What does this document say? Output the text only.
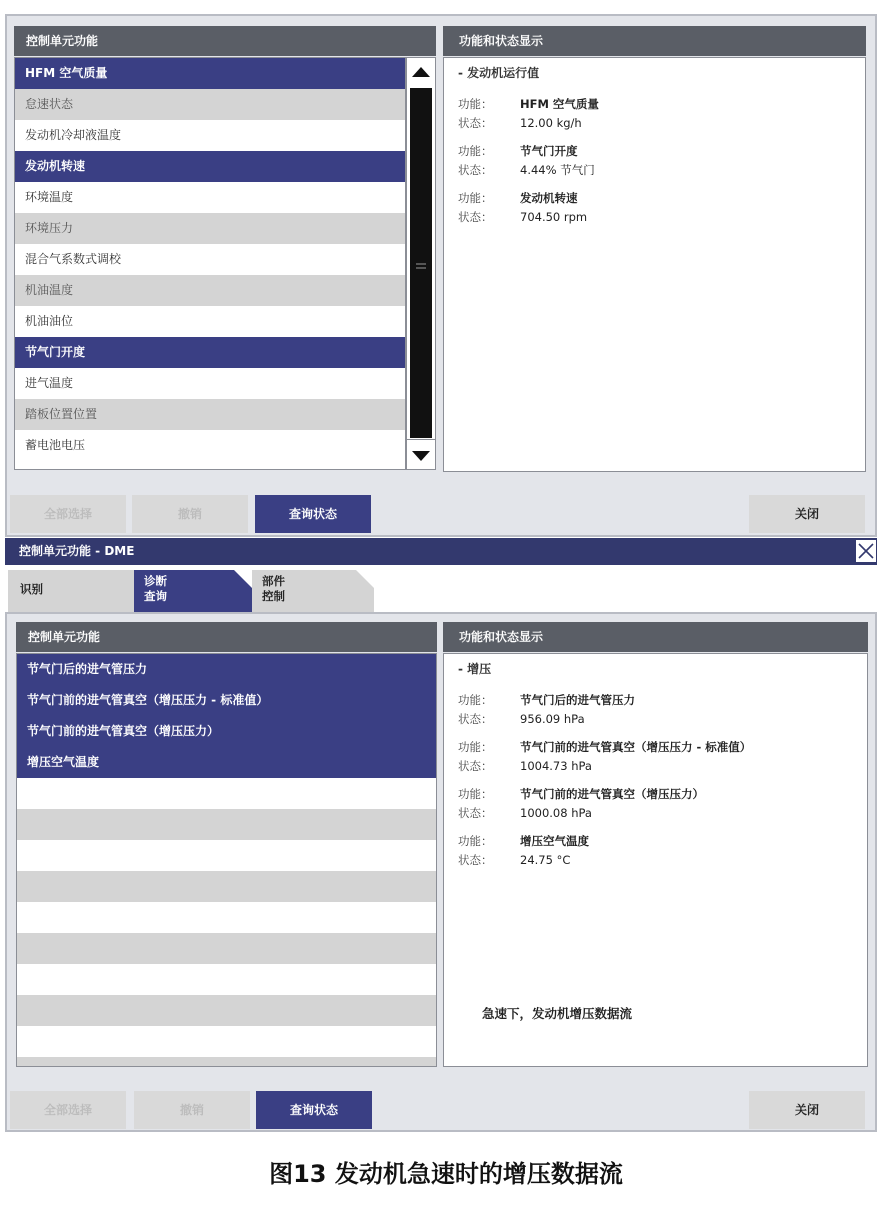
控制单元功能
HFM 空气质量
怠速状态
发动机冷却液温度
发动机转速
环境温度
环境压力
混合气系数式调校
机油温度
机油油位
节气门开度
进气温度
踏板位置位置
蓄电池电压
功能和状态显示
- 发动机运行值
功能： HFM 空气质量
状态： 12.00 kg/h
功能： 节气门开度
状态： 4.44% 节气门
功能： 发动机转速
状态： 704.50 rpm
全部选择	撤销	查询状态	关闭
控制单元功能 - DME
识别
诊断
查询
部件
控制
控制单元功能
节气门后的进气管压力
节气门前的进气管真空（增压压力 - 标准值）
节气门前的进气管真空（增压压力）
增压空气温度
功能和状态显示
- 增压
功能： 节气门后的进气管压力
状态： 956.09 hPa
功能： 节气门前的进气管真空（增压压力 - 标准值）
状态： 1004.73 hPa
功能： 节气门前的进气管真空（增压压力）
状态： 1000.08 hPa
功能： 增压空气温度
状态： 24.75 °C
急速下，发动机增压数据流
全部选择	撤销	查询状态	关闭
图13 发动机急速时的增压数据流
